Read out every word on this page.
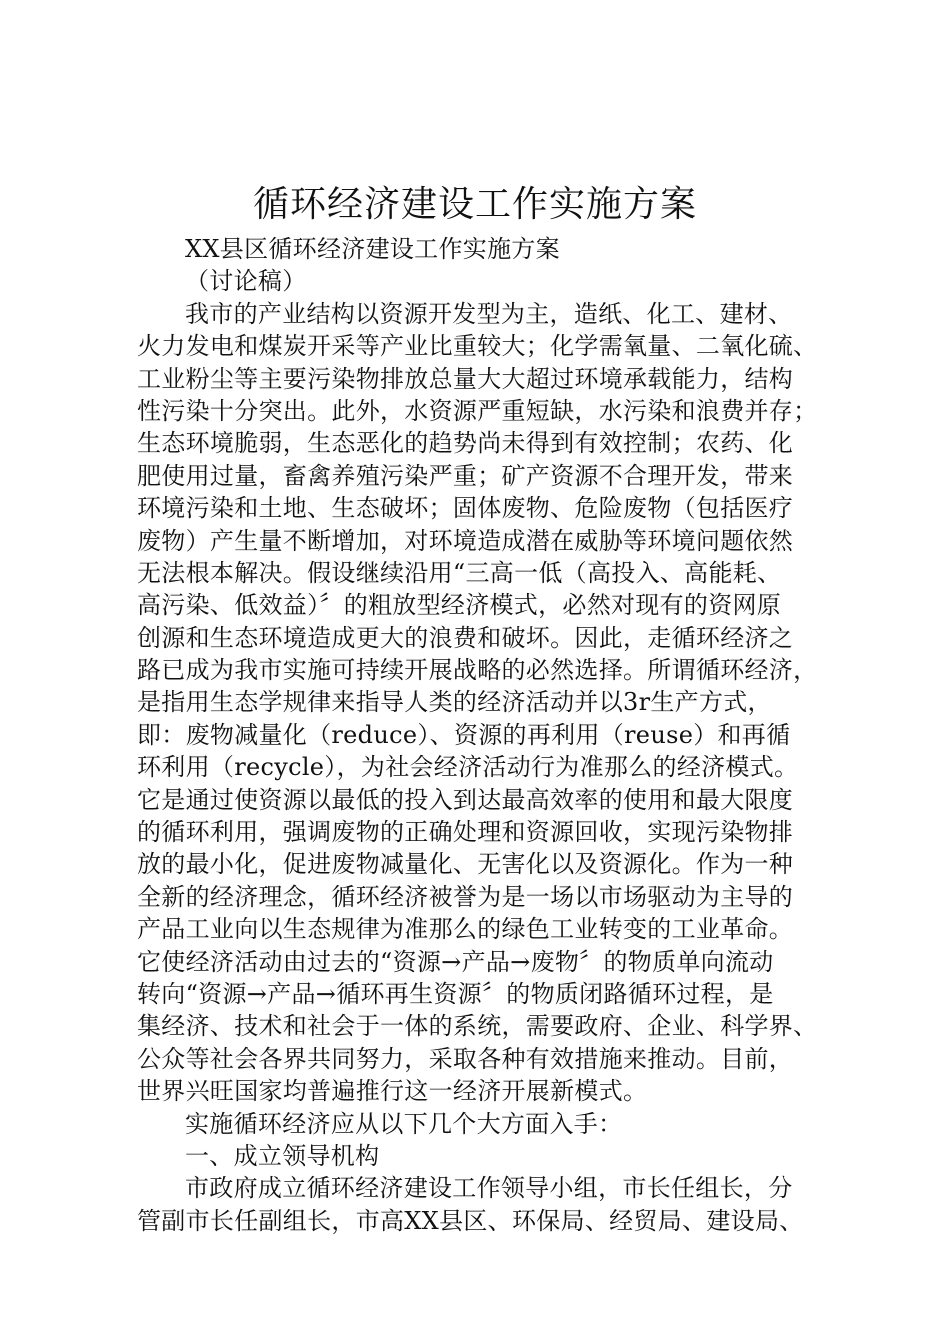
循环经济建设工作实施方案
XX县区循环经济建设工作实施方案
（讨论稿）
我市的产业结构以资源开发型为主，造纸、化工、建材、
火力发电和煤炭开采等产业比重较大；化学需氧量、二氧化硫、
工业粉尘等主要污染物排放总量大大超过环境承载能力，结构
性污染十分突出。此外，水资源严重短缺，水污染和浪费并存；
生态环境脆弱，生态恶化的趋势尚未得到有效控制；农药、化
肥使用过量，畜禽养殖污染严重；矿产资源不合理开发，带来
环境污染和土地、生态破坏；固体废物、危险废物（包括医疗
废物）产生量不断增加，对环境造成潜在威胁等环境问题依然
无法根本解决。假设继续沿用“三高一低（高投入、高能耗、
高污染、低效益）〞的粗放型经济模式，必然对现有的资网原
创源和生态环境造成更大的浪费和破坏。因此，走循环经济之
路已成为我市实施可持续开展战略的必然选择。所谓循环经济，
是指用生态学规律来指导人类的经济活动并以3r生产方式，
即：废物减量化（reduce）、资源的再利用（reuse）和再循
环利用（recycle），为社会经济活动行为准那么的经济模式。
它是通过使资源以最低的投入到达最高效率的使用和最大限度
的循环利用，强调废物的正确处理和资源回收，实现污染物排
放的最小化，促进废物减量化、无害化以及资源化。作为一种
全新的经济理念，循环经济被誉为是一场以市场驱动为主导的
产品工业向以生态规律为准那么的绿色工业转变的工业革命。
它使经济活动由过去的“资源→产品→废物〞的物质单向流动
转向“资源→产品→循环再生资源〞的物质闭路循环过程，是
集经济、技术和社会于一体的系统，需要政府、企业、科学界、
公众等社会各界共同努力，采取各种有效措施来推动。目前，
世界兴旺国家均普遍推行这一经济开展新模式。
实施循环经济应从以下几个大方面入手：
一、成立领导机构
市政府成立循环经济建设工作领导小组，市长任组长，分
管副市长任副组长，市高XX县区、环保局、经贸局、建设局、
